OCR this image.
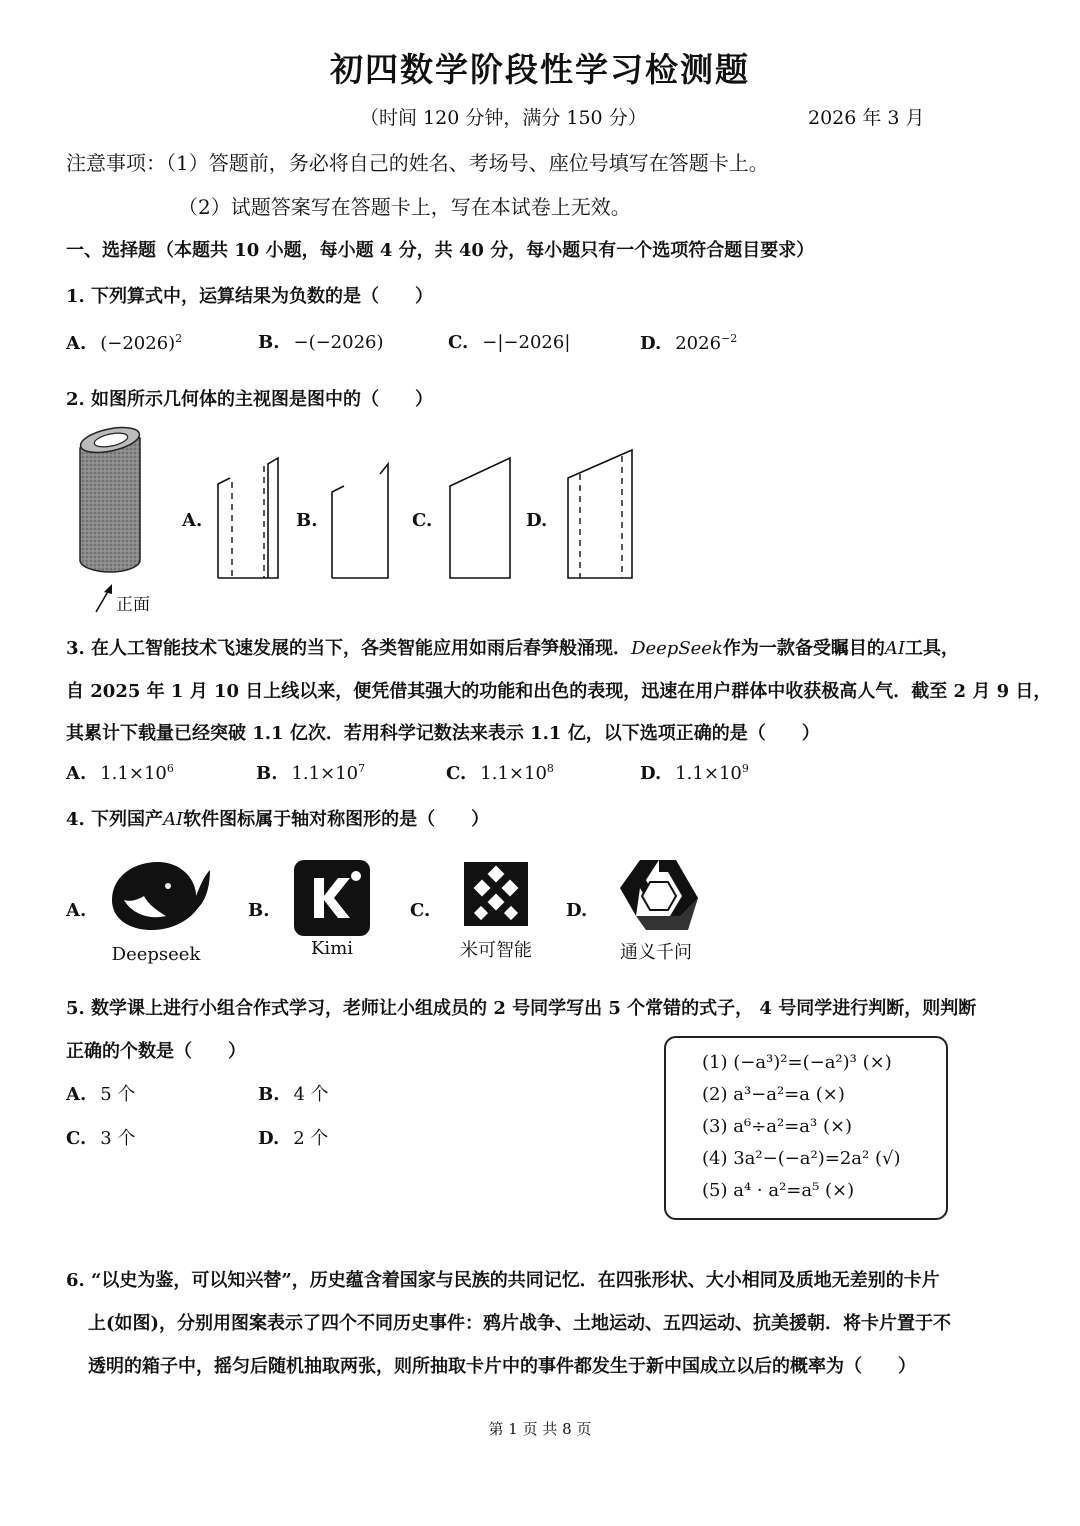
初四数学阶段性学习检测题
（时间 120 分钟，满分 150 分）	2026 年 3 月
注意事项：（1）答题前，务必将自己的姓名、考场号、座位号填写在答题卡上。
（2）试题答案写在答题卡上，写在本试卷上无效。
一、选择题（本题共 10 小题，每小题 4 分，共 40 分，每小题只有一个选项符合题目要求）
1. 下列算式中，运算结果为负数的是（　　）
A. $(-2026)^2$	B. −(−2026)	C. −|−2026|	D. $2026^{-2}$
2. 如图所示几何体的主视图是图中的（　　）
正面
A.	B.	C.	D.
3. 在人工智能技术飞速发展的当下，各类智能应用如雨后春笋般涌现．DeepSeek作为一款备受瞩目的AI工具，
自 2025 年 1 月 10 日上线以来，便凭借其强大的功能和出色的表现，迅速在用户群体中收获极高人气．截至 2 月 9 日，
其累计下载量已经突破 1.1 亿次．若用科学记数法来表示 1.1 亿，以下选项正确的是（　　）
A. $1.1\times 10^6$	B. $1.1\times 10^7$	C. $1.1\times 10^8$	D. $1.1\times 10^9$
4. 下列国产AI软件图标属于轴对称图形的是（　　）
A.
Deepseek
B.
Kimi
C.
米可智能
D.
通义千问
5. 数学课上进行小组合作式学习，老师让小组成员的 2 号同学写出 5 个常错的式子， 4 号同学进行判断，则判断
正确的个数是（　　）
A. 5 个	B. 4 个
C. 3 个	D. 2 个
(1) (−a³)²=(−a²)³ (×)
(2) a³−a²=a (×)
(3) a⁶÷a²=a³ (×)
(4) 3a²−(−a²)=2a² (√)
(5) a⁴ · a²=a⁵ (×)
6. “以史为鉴，可以知兴替”，历史蕴含着国家与民族的共同记忆．在四张形状、大小相同及质地无差别的卡片
上(如图)，分别用图案表示了四个不同历史事件：鸦片战争、土地运动、五四运动、抗美援朝．将卡片置于不
透明的箱子中，摇匀后随机抽取两张，则所抽取卡片中的事件都发生于新中国成立以后的概率为（　　）
第 1 页 共 8 页
